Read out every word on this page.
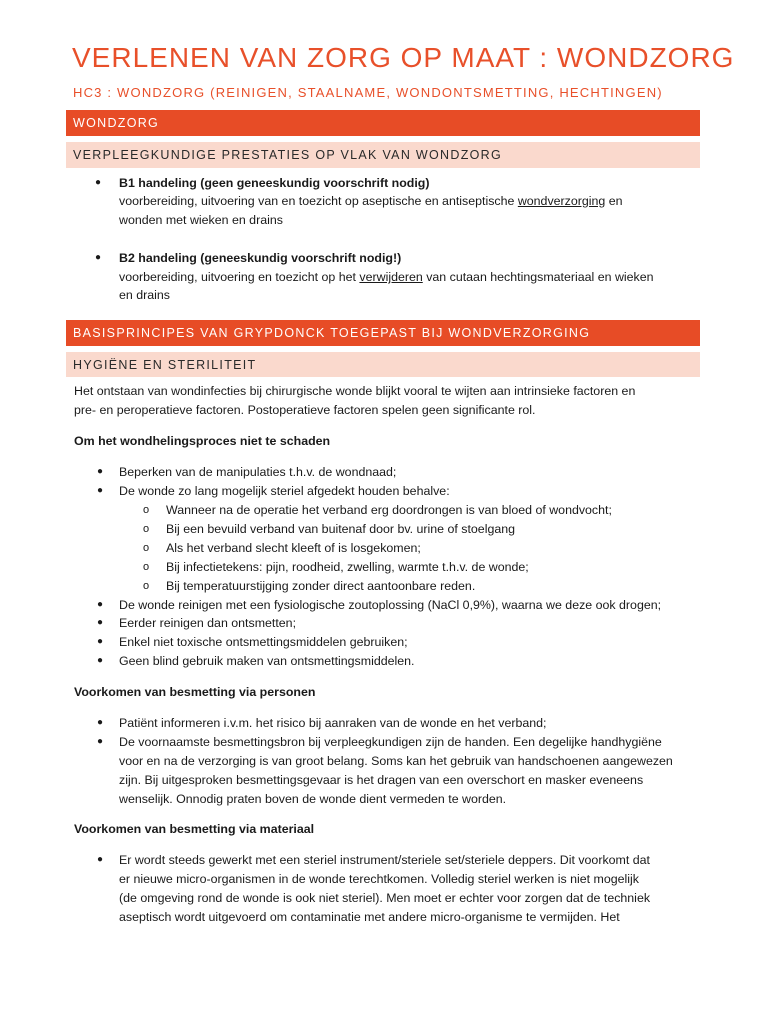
VERLENEN VAN ZORG OP MAAT : WONDZORG
HC3 : WONDZORG (REINIGEN, STAALNAME, WONDONTSMETTING, HECHTINGEN)
WONDZORG
VERPLEEGKUNDIGE PRESTATIES OP VLAK VAN WONDZORG
● B1 handeling (geen geneeskundig voorschrift nodig)
voorbereiding, uitvoering van en toezicht op aseptische en antiseptische wondverzorging en
wonden met wieken en drains
● B2 handeling (geneeskundig voorschrift nodig!)
voorbereiding, uitvoering en toezicht op het verwijderen van cutaan hechtingsmateriaal en wieken
en drains
BASISPRINCIPES VAN GRYPDONCK TOEGEPAST BIJ WONDVERZORGING
HYGIËNE EN STERILITEIT
Het ontstaan van wondinfecties bij chirurgische wonde blijkt vooral te wijten aan intrinsieke factoren en
pre- en peroperatieve factoren. Postoperatieve factoren spelen geen significante rol.
Om het wondhelingsproces niet te schaden
● Beperken van de manipulaties t.h.v. de wondnaad;
● De wonde zo lang mogelijk steriel afgedekt houden behalve:
o Wanneer na de operatie het verband erg doordrongen is van bloed of wondvocht;
o Bij een bevuild verband van buitenaf door bv. urine of stoelgang
o Als het verband slecht kleeft of is losgekomen;
o Bij infectietekens: pijn, roodheid, zwelling, warmte t.h.v. de wonde;
o Bij temperatuurstijging zonder direct aantoonbare reden.
● De wonde reinigen met een fysiologische zoutoplossing (NaCl 0,9%), waarna we deze ook drogen;
● Eerder reinigen dan ontsmetten;
● Enkel niet toxische ontsmettingsmiddelen gebruiken;
● Geen blind gebruik maken van ontsmettingsmiddelen.
Voorkomen van besmetting via personen
● Patiënt informeren i.v.m. het risico bij aanraken van de wonde en het verband;
● De voornaamste besmettingsbron bij verpleegkundigen zijn de handen. Een degelijke handhygiëne
voor en na de verzorging is van groot belang. Soms kan het gebruik van handschoenen aangewezen
zijn. Bij uitgesproken besmettingsgevaar is het dragen van een overschort en masker eveneens
wenselijk. Onnodig praten boven de wonde dient vermeden te worden.
Voorkomen van besmetting via materiaal
● Er wordt steeds gewerkt met een steriel instrument/steriele set/steriele deppers. Dit voorkomt dat
er nieuwe micro-organismen in de wonde terechtkomen. Volledig steriel werken is niet mogelijk
(de omgeving rond de wonde is ook niet steriel). Men moet er echter voor zorgen dat de techniek
aseptisch wordt uitgevoerd om contaminatie met andere micro-organisme te vermijden. Het
